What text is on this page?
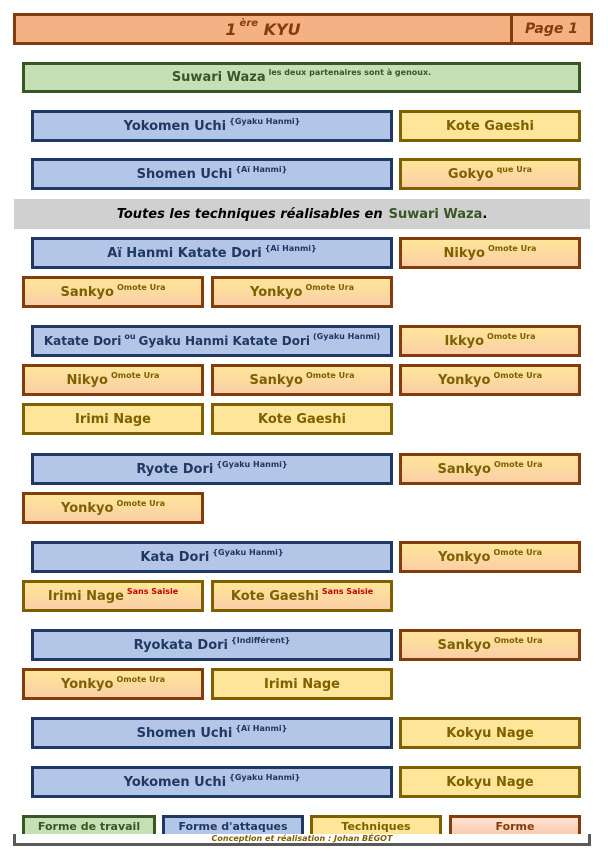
1 ère
KYU	Page 1
Suwari Waza les deux partenaires sont à genoux.
Yokomen Uchi {Gyaku Hanmi}	Kote Gaeshi
Shomen Uchi {Aï Hanmi}	Gokyo que Ura
Toutes les techniques réalisables en Suwari Waza .
Aï Hanmi Katate Dori {Aï Hanmi}	Nikyo Omote Ura
Sankyo Omote Ura	Yonkyo Omote Ura
Katate Dori ou Gyaku Hanmi Katate Dori (Gyaku Hanmi)	Ikkyo Omote Ura
Nikyo Omote Ura	Sankyo Omote Ura	Yonkyo Omote Ura
Irimi Nage	Kote Gaeshi
Ryote Dori {Gyaku Hanmi}	Sankyo Omote Ura
Yonkyo Omote Ura
Kata Dori {Gyaku Hanmi}	Yonkyo Omote Ura
Irimi Nage Sans Saisie	Kote Gaeshi Sans Saisie
Ryokata Dori {Indifférent}	Sankyo Omote Ura
Yonkyo Omote Ura	Irimi Nage
Shomen Uchi {Aï Hanmi}	Kokyu Nage
Yokomen Uchi {Gyaku Hanmi}	Kokyu Nage
Forme de travail	Forme d'attaques	Techniques	Forme
Conception et réalisation : Johan BÉGOT
